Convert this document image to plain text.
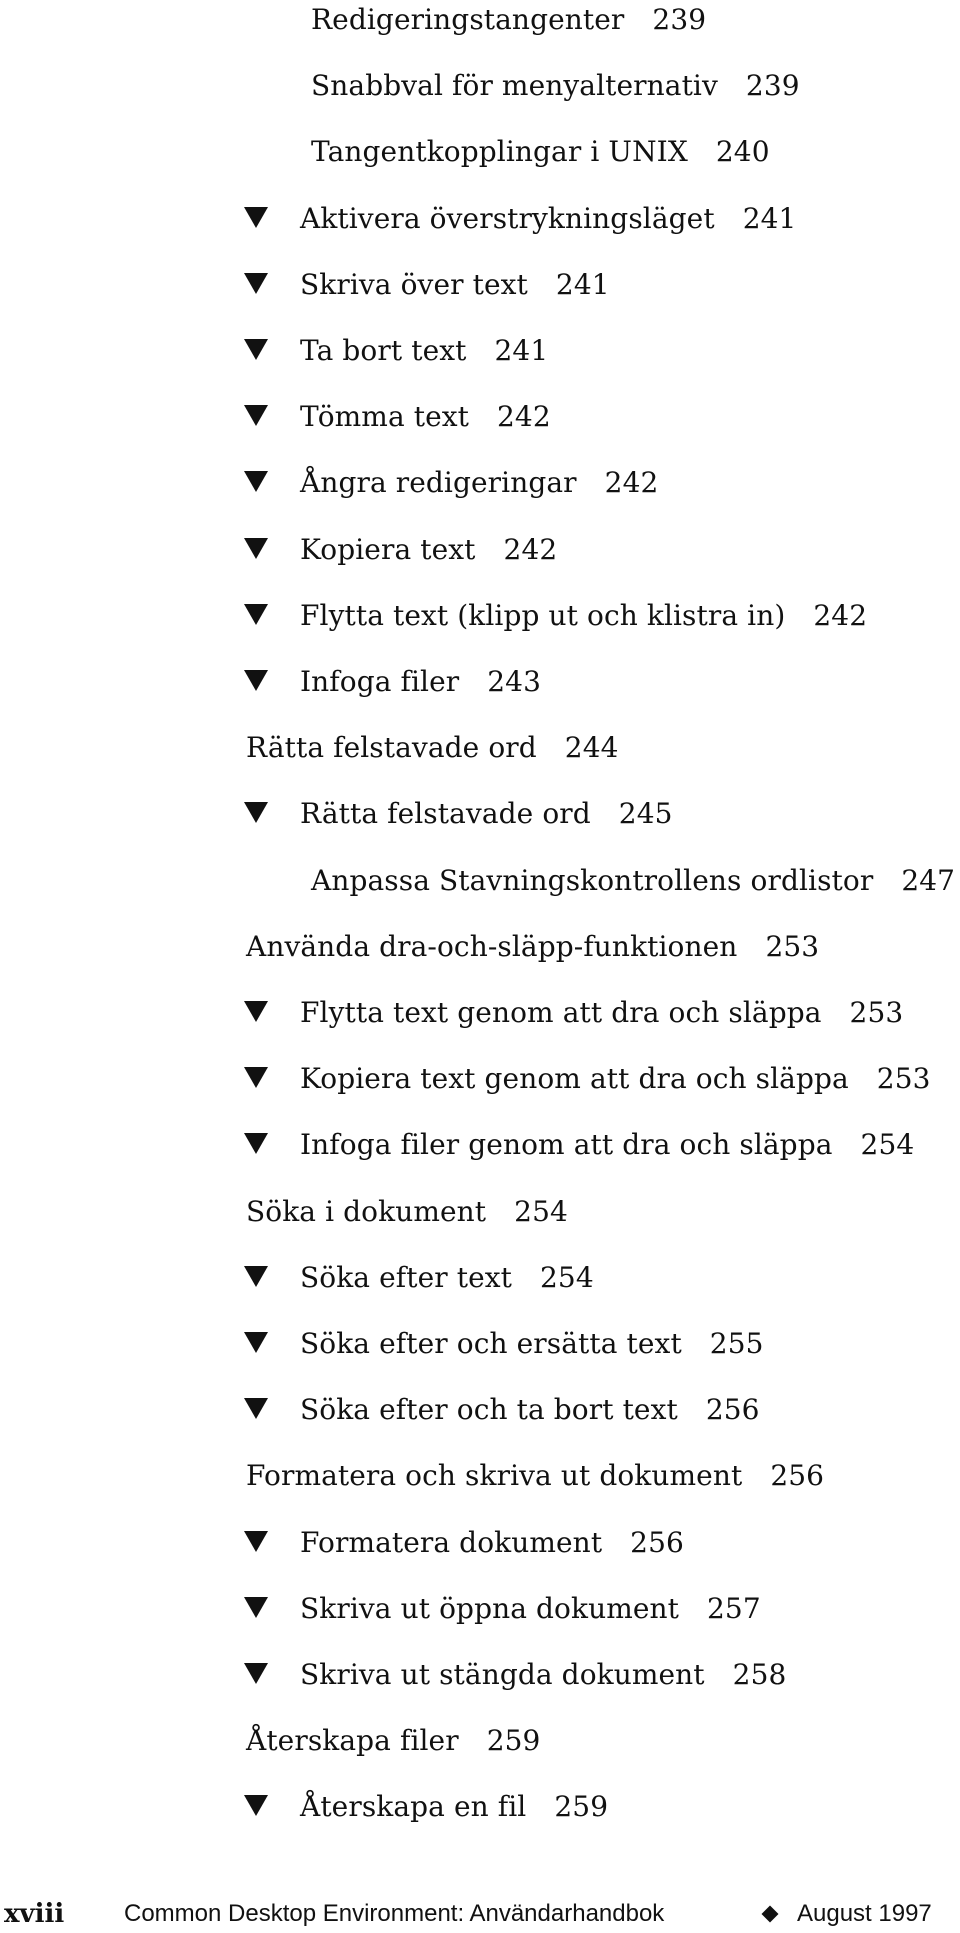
Redigeringstangenter 239
Snabbval för menyalternativ 239
Tangentkopplingar i UNIX 240
Aktivera överstrykningsläget 241
Skriva över text 241
Ta bort text 241
Tömma text 242
Ångra redigeringar 242
Kopiera text 242
Flytta text (klipp ut och klistra in) 242
Infoga filer 243
Rätta felstavade ord 244
Rätta felstavade ord 245
Anpassa Stavningskontrollens ordlistor 247
Använda dra-och-släpp-funktionen 253
Flytta text genom att dra och släppa 253
Kopiera text genom att dra och släppa 253
Infoga filer genom att dra och släppa 254
Söka i dokument 254
Söka efter text 254
Söka efter och ersätta text 255
Söka efter och ta bort text 256
Formatera och skriva ut dokument 256
Formatera dokument 256
Skriva ut öppna dokument 257
Skriva ut stängda dokument 258
Återskapa filer 259
Återskapa en fil 259
xviii Common Desktop Environment: Användarhandbok	August 1997
